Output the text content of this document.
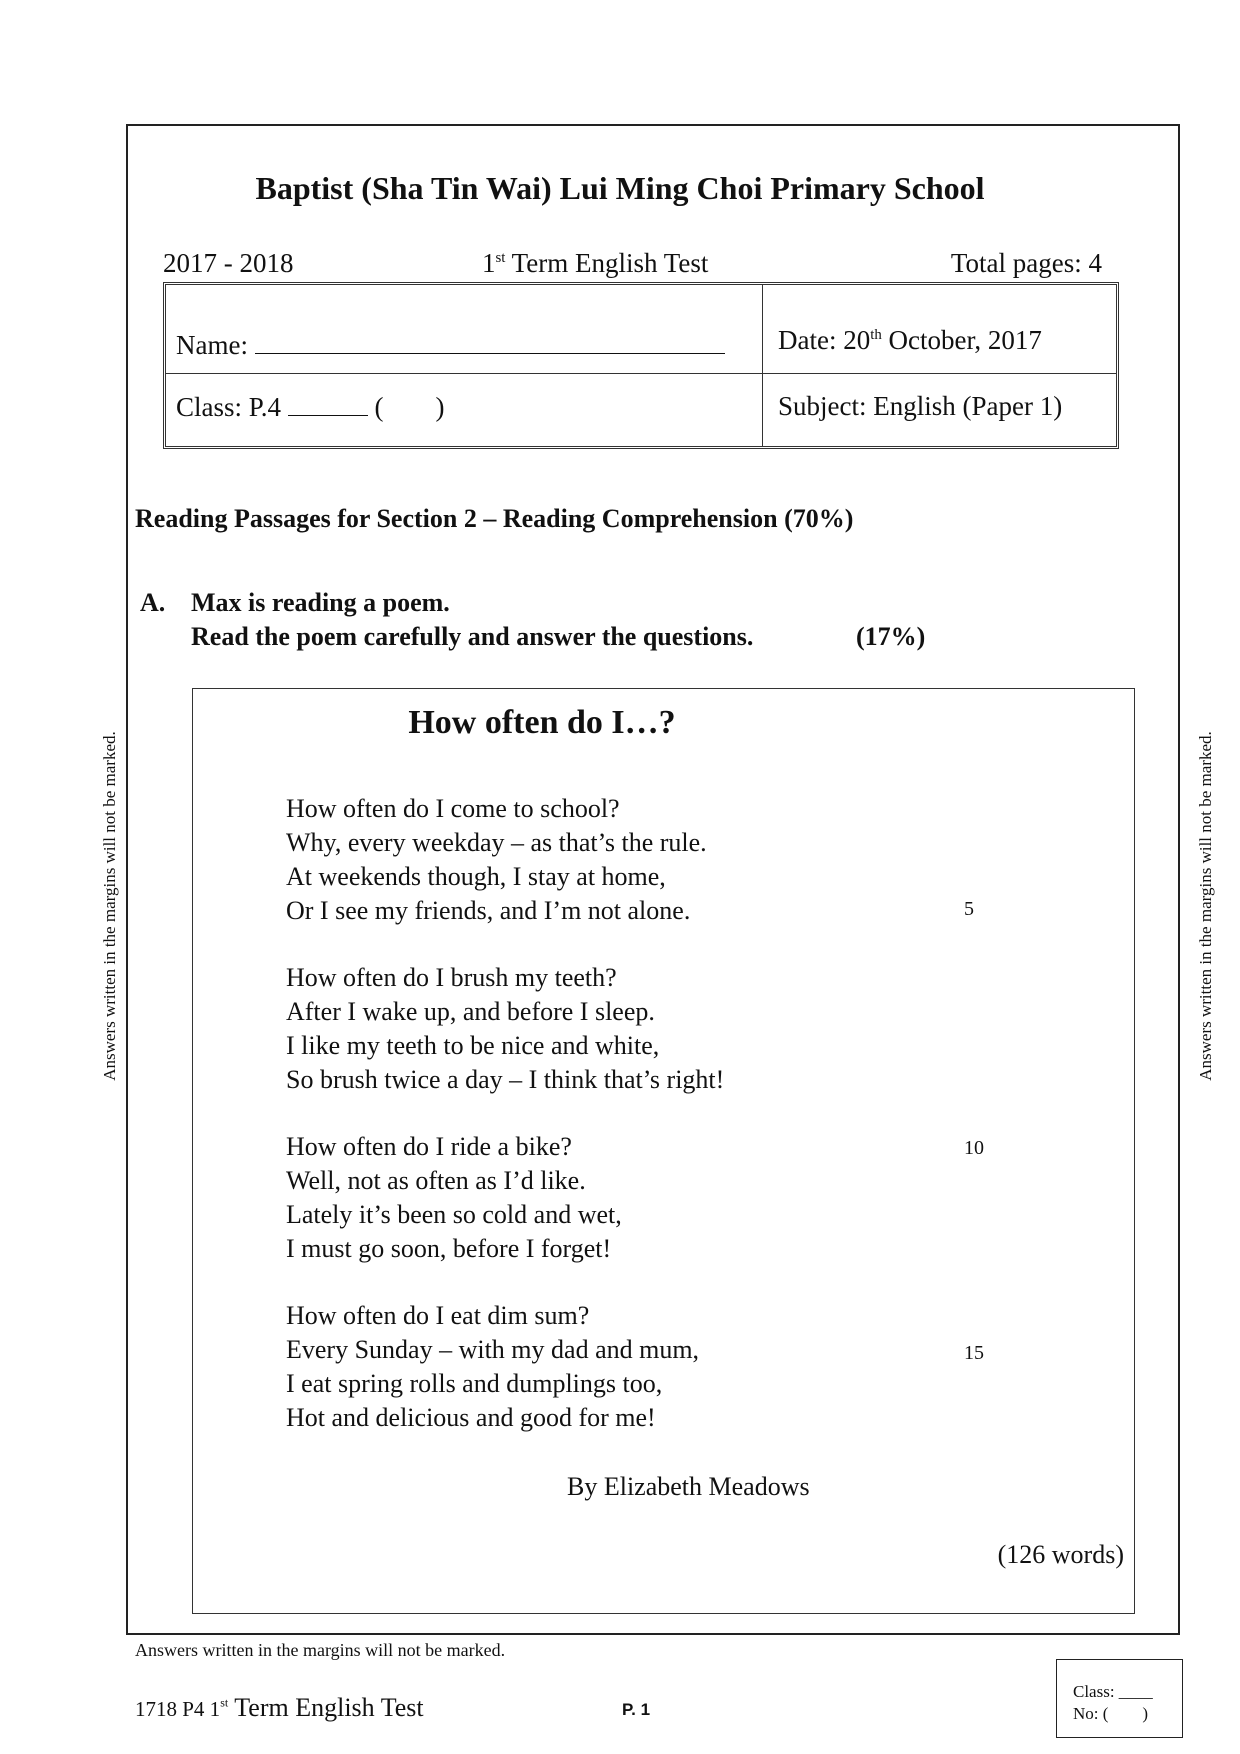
Baptist (Sha Tin Wai) Lui Ming Choi Primary School
2017 - 2018	1st Term English Test	Total pages: 4
Name:	Date: 20th October, 2017
Class: P.4	( )	Subject: English (Paper 1)
Reading Passages for Section 2 – Reading Comprehension (70%)
A. Max is reading a poem.
Read the poem carefully and answer the questions.	(17%)
How often do I…?
How often do I come to school?
Why, every weekday – as that’s the rule.
At weekends though, I stay at home,
Or I see my friends, and I’m not alone.
How often do I brush my teeth?
After I wake up, and before I sleep.
I like my teeth to be nice and white,
So brush twice a day – I think that’s right!
How often do I ride a bike?
Well, not as often as I’d like.
Lately it’s been so cold and wet,
I must go soon, before I forget!
How often do I eat dim sum?
Every Sunday – with my dad and mum,
I eat spring rolls and dumplings too,
Hot and delicious and good for me!
5
10
15
By Elizabeth Meadows
(126 words)
Answers written in the margins will not be marked.	Answers written in the margins will not be marked.
Answers written in the margins will not be marked.
1718 P4 1st Term English Test	P. 1
Class: ____
No: (        )
